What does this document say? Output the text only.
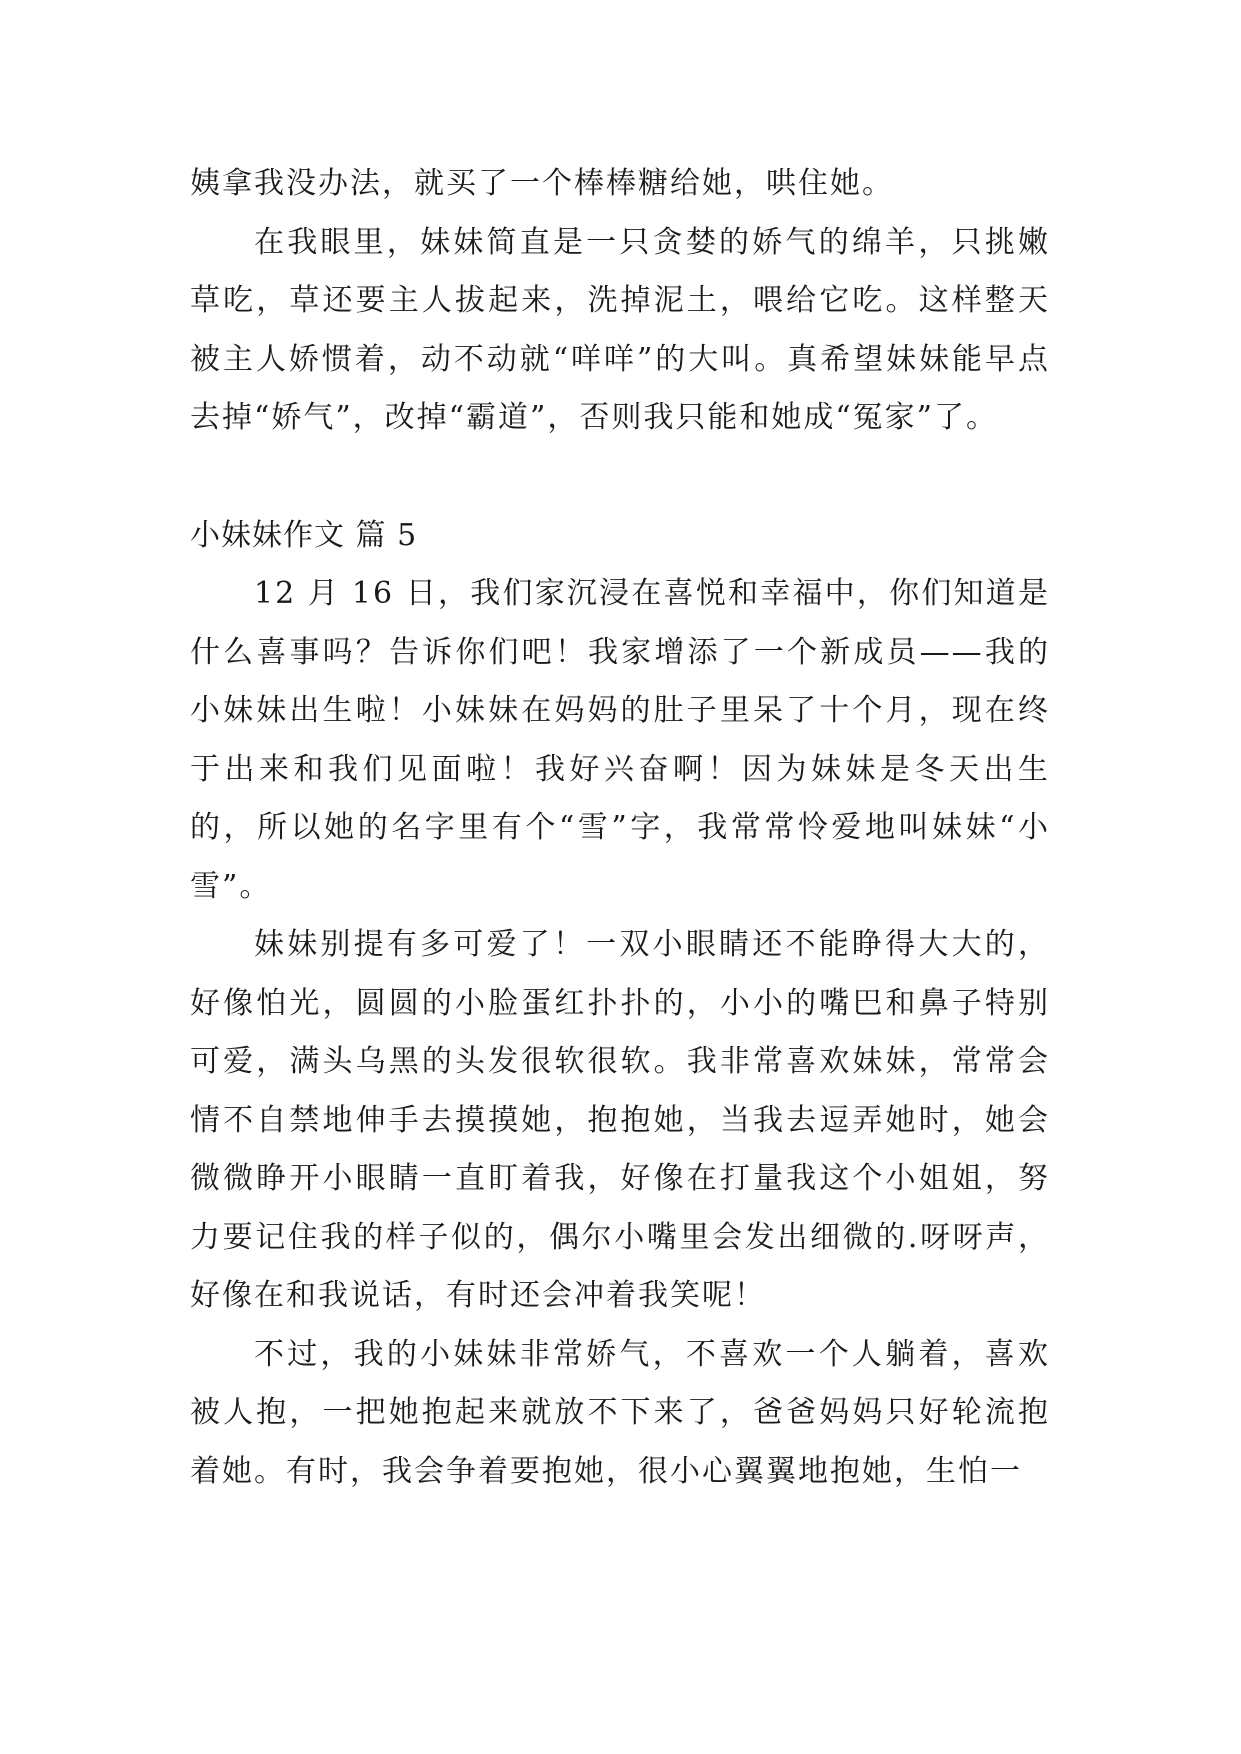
姨拿我没办法，就买了一个棒棒糖给她，哄住她。

在我眼里，妹妹简直是一只贪婪的娇气的绵羊，只挑嫩草吃，草还要主人拔起来，洗掉泥土，喂给它吃。这样整天被主人娇惯着，动不动就“咩咩”的大叫。真希望妹妹能早点去掉“娇气”，改掉“霸道”，否则我只能和她成“冤家”了。

小妹妹作文 篇 5

12 月 16 日，我们家沉浸在喜悦和幸福中，你们知道是什么喜事吗？告诉你们吧！我家增添了一个新成员——我的小妹妹出生啦！小妹妹在妈妈的肚子里呆了十个月，现在终于出来和我们见面啦！我好兴奋啊！因为妹妹是冬天出生的，所以她的名字里有个“雪”字，我常常怜爱地叫妹妹“小雪”。

妹妹别提有多可爱了！一双小眼睛还不能睁得大大的，好像怕光，圆圆的小脸蛋红扑扑的，小小的嘴巴和鼻子特别可爱，满头乌黑的头发很软很软。我非常喜欢妹妹，常常会情不自禁地伸手去摸摸她，抱抱她，当我去逗弄她时，她会微微睁开小眼睛一直盯着我，好像在打量我这个小姐姐，努力要记住我的样子似的，偶尔小嘴里会发出细微的.呀呀声，好像在和我说话，有时还会冲着我笑呢！

不过，我的小妹妹非常娇气，不喜欢一个人躺着，喜欢被人抱，一把她抱起来就放不下来了，爸爸妈妈只好轮流抱着她。有时，我会争着要抱她，很小心翼翼地抱她，生怕一
